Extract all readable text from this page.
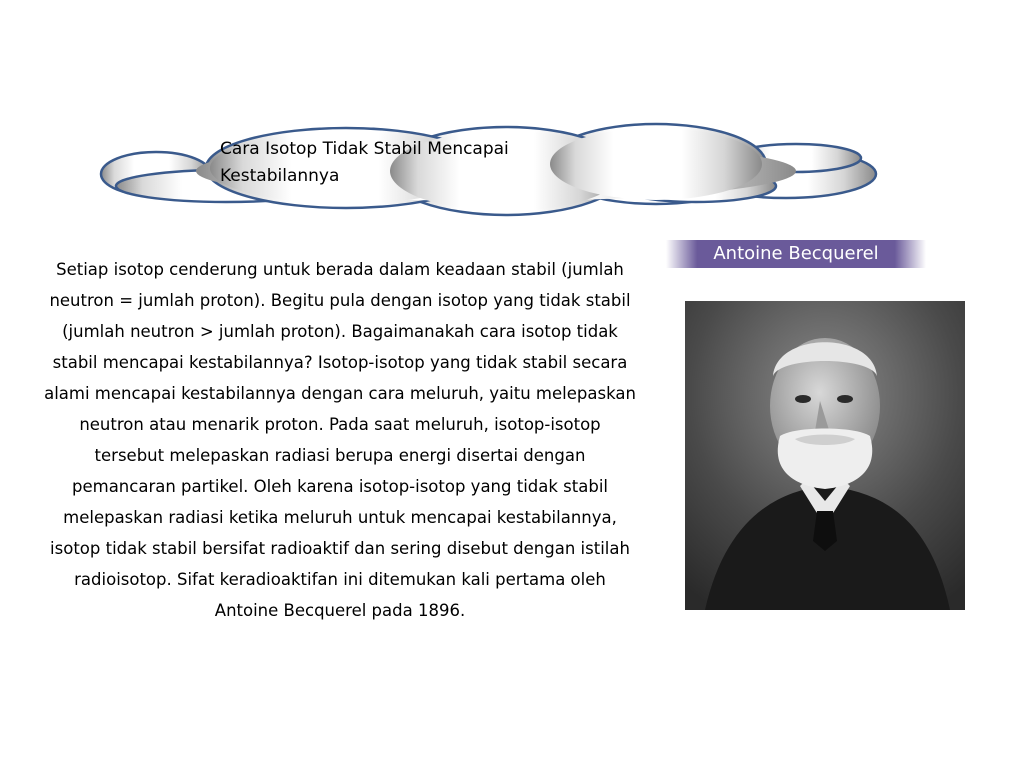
Cara Isotop Tidak Stabil Mencapai
Kestabilannya
Setiap isotop cenderung untuk berada dalam keadaan stabil (jumlah neutron = jumlah proton). Begitu pula dengan isotop yang tidak stabil (jumlah neutron > jumlah proton). Bagaimanakah cara isotop tidak stabil mencapai kestabilannya? Isotop-isotop yang tidak stabil secara alami mencapai kestabilannya dengan cara meluruh, yaitu melepaskan neutron atau menarik proton. Pada saat meluruh, isotop-isotop tersebut melepaskan radiasi berupa energi disertai dengan pemancaran partikel. Oleh karena isotop-isotop yang tidak stabil melepaskan radiasi ketika meluruh untuk mencapai kestabilannya, isotop tidak stabil bersifat radioaktif dan sering disebut dengan istilah radioisotop. Sifat keradioaktifan ini ditemukan kali pertama oleh Antoine Becquerel pada 1896.
Antoine Becquerel
